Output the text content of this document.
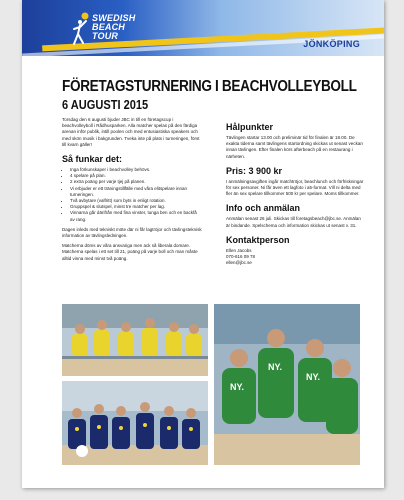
SWEDISH
BEACH
TOUR
JÖNKÖPING
FÖRETAGSTURNERING I BEACHVOLLEYBOLL
6 AUGUSTI 2015

Torsdag den 6 augusti bjuder JBC in till en företagscup i beachvolleyboll i Rådhusparken. Alla matcher spelas på den färdiga arenan inför publik, intill poolen och med entusiastiska speakers och med skön musik i bakgrunden. Tveka inte på plats i turneringen, först till kvarn gäller!

Så funkar det:
• Inga förkunskaper i beachvolley behövs.
• 4 spelare på plan.
• 2 extra poäng per varje tjej på planen.
• Vi erbjuder er ett träningstillfälle med våra elitspelare innan turneringen.
• Två avbytare (valfritt) som byts in enligt rotation.
• Gruppspel & slutspel, minst tre matcher per lag.
• Vinnarna går därifrån med fina vinster, tunga ben och en backfå av rang.

Dagen inleds med tekniskt möte där ni får lagtröjor och tävlingsteknisk information av tävlingsledningen.

Matcherna döms av våra ansvariga men ack så liberala domare. Matcherna spelas i ett set till 21, poäng på varje boll och man måste alltid vinna med minst två poäng.

Hålpunkter

Tävlingen startar 13.00 och preliminär tid för finalen är 18.00. De exakta tiderna samt tävlingens startordning skickas ut senast veckan innan tävlingen. Efter finalen körs afterbeach på en restaurang i närheten.

Pris: 3 900 kr

I anmälningsavgiften ingår matchtröjor, beachlunch och förfriskningar för sex personer. Ni får även ett lagfoto i a5-format. Vill ni delta med fler än sex spelare tillkommer 500 kr per spelare. Moms tillkommer.

Info och anmälan

Anmälan senast 26 juli. Skickas till foretagsbeach@jbc.se. Anmälan är bindande. Spelschema och information skickas ut senast v. 31.

Kontaktperson

Ellen Jacobs

070-616 09 78

ellen@jbc.se

NY.
NY.
NY.
